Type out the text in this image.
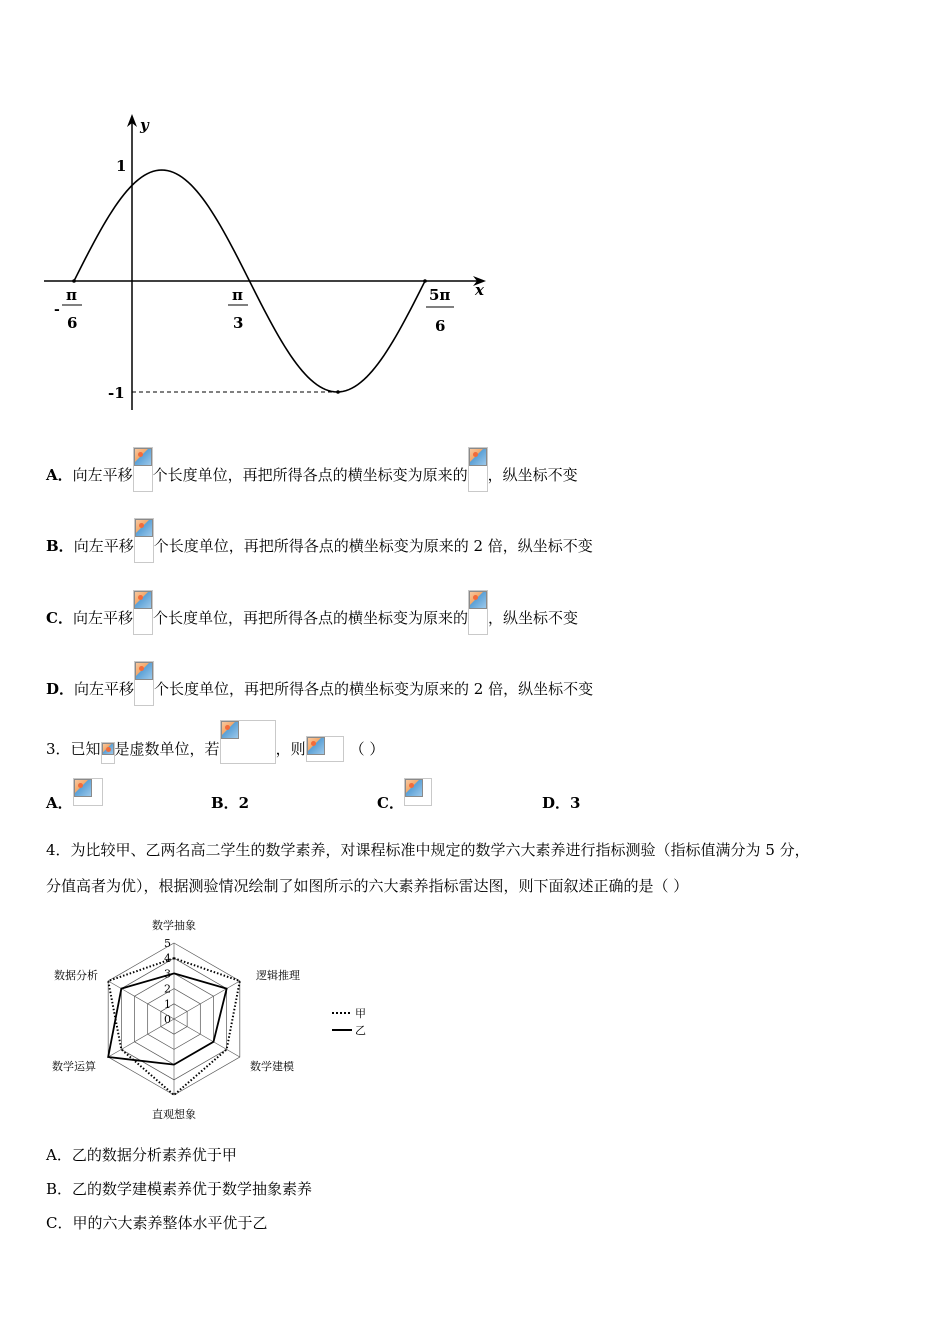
y
x
1
-1
-
π
6
π
3
5π
6
A．向左平移 个长度单位，再把所得各点的横坐标变为原来的 ，纵坐标不变
B．向左平移 个长度单位，再把所得各点的横坐标变为原来的 2 倍，纵坐标不变
C．向左平移 个长度单位，再把所得各点的横坐标变为原来的 ，纵坐标不变
D．向左平移 个长度单位，再把所得各点的横坐标变为原来的 2 倍，纵坐标不变
3．已知 是虚数单位，若	，则	（ ）
A．	B．2	C．	D．3
4．为比较甲、乙两名高二学生的数学素养，对课程标准中规定的数学六大素养进行指标测验（指标值满分为 5 分，
分值高者为优），根据测验情况绘制了如图所示的六大素养指标雷达图，则下面叙述正确的是（ ）
数学抽象
逻辑推理
数学建模
直观想象
数学运算
数据分析
0
1
2
3
4
5
甲
乙
A．乙的数据分析素养优于甲
B．乙的数学建模素养优于数学抽象素养
C．甲的六大素养整体水平优于乙
